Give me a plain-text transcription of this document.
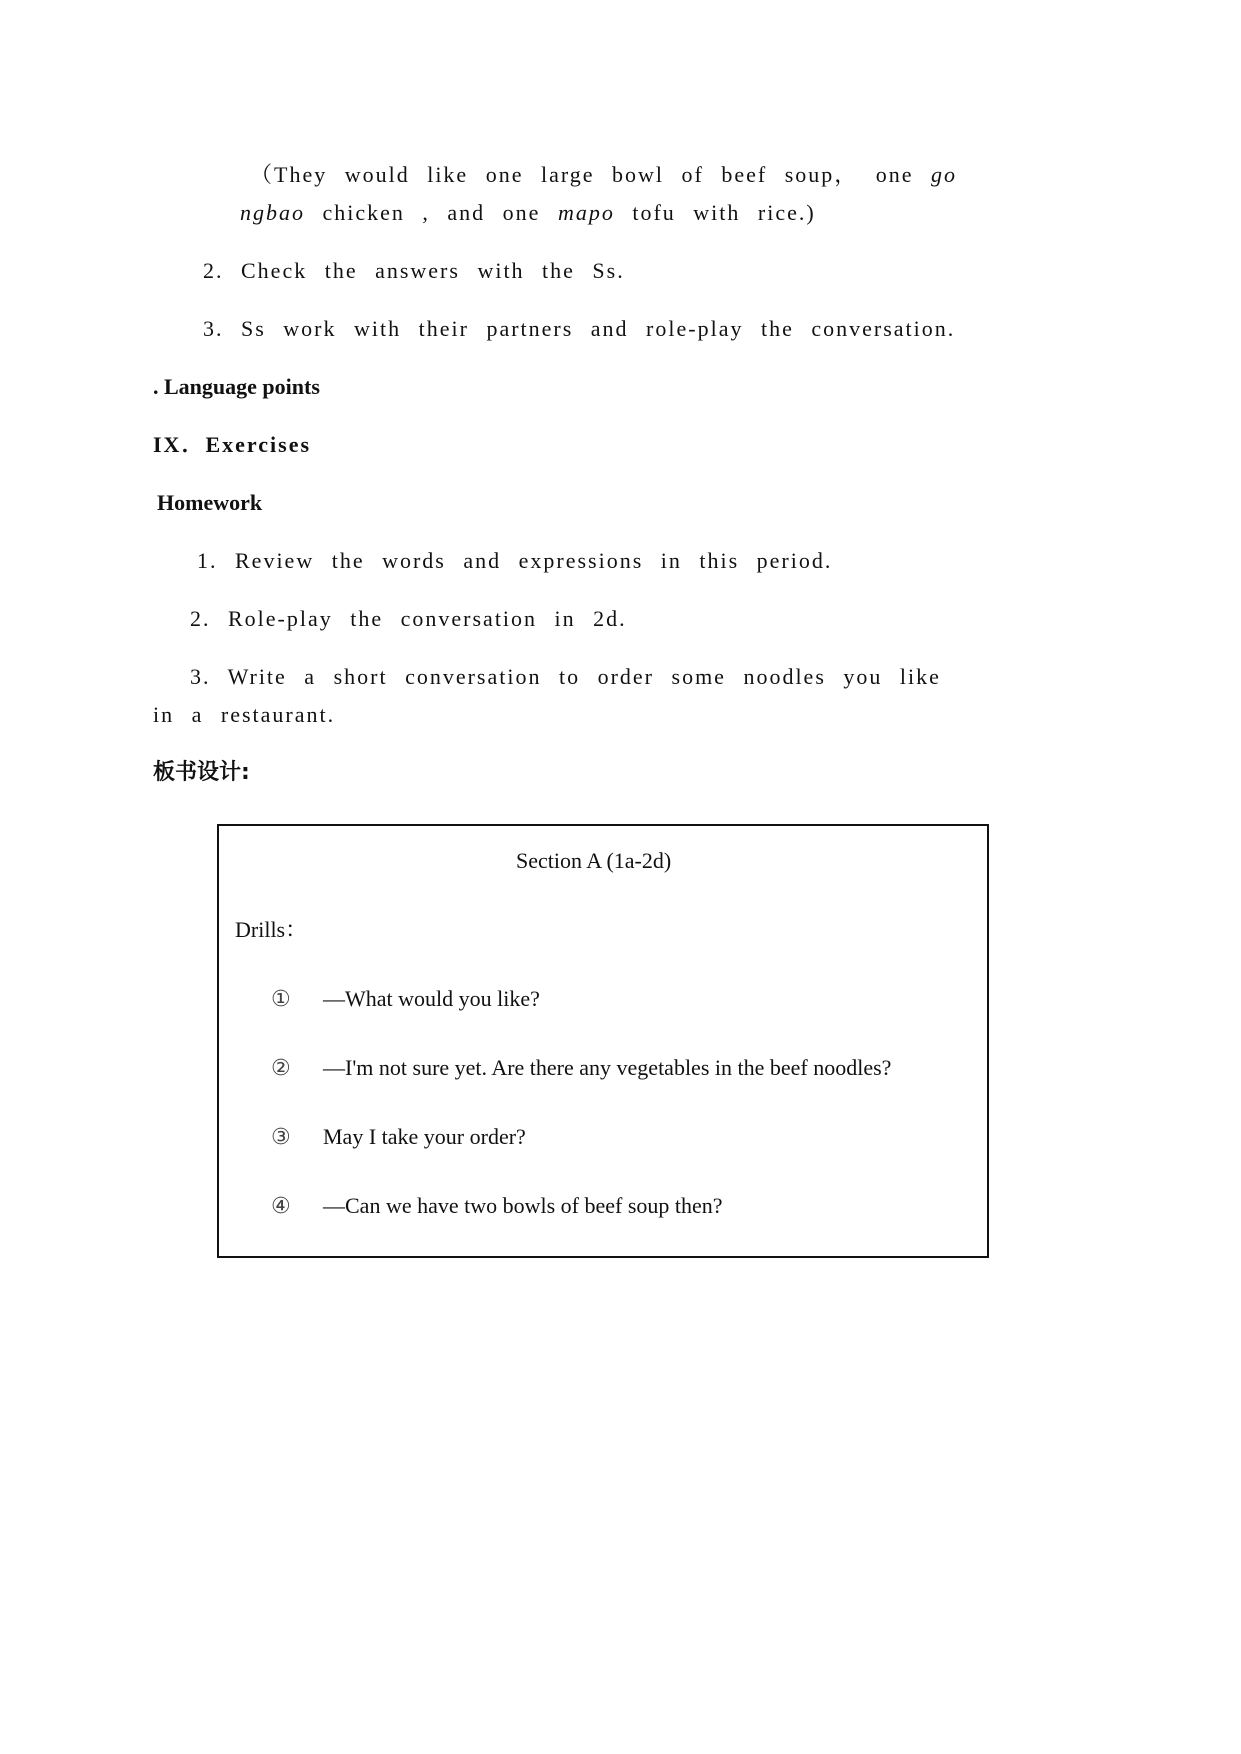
（They would like one large bowl of beef soup， one go
ngbao chicken , and one mapo tofu with rice.)
2. Check the answers with the Ss.
3. Ss work with their partners and role-play the conversation.
. Language points
IX．Exercises
Homework
1. Review the words and expressions in this period.
2. Role-play the conversation in 2d.
3. Write a short conversation to order some noodles you like
in a restaurant.
板书设计:
Section A (1a-2d)
Drills：
① —What would you like?
② —I'm not sure yet. Are there any vegetables in the beef noodles?
③ May I take your order?
④ —Can we have two bowls of beef soup then?
